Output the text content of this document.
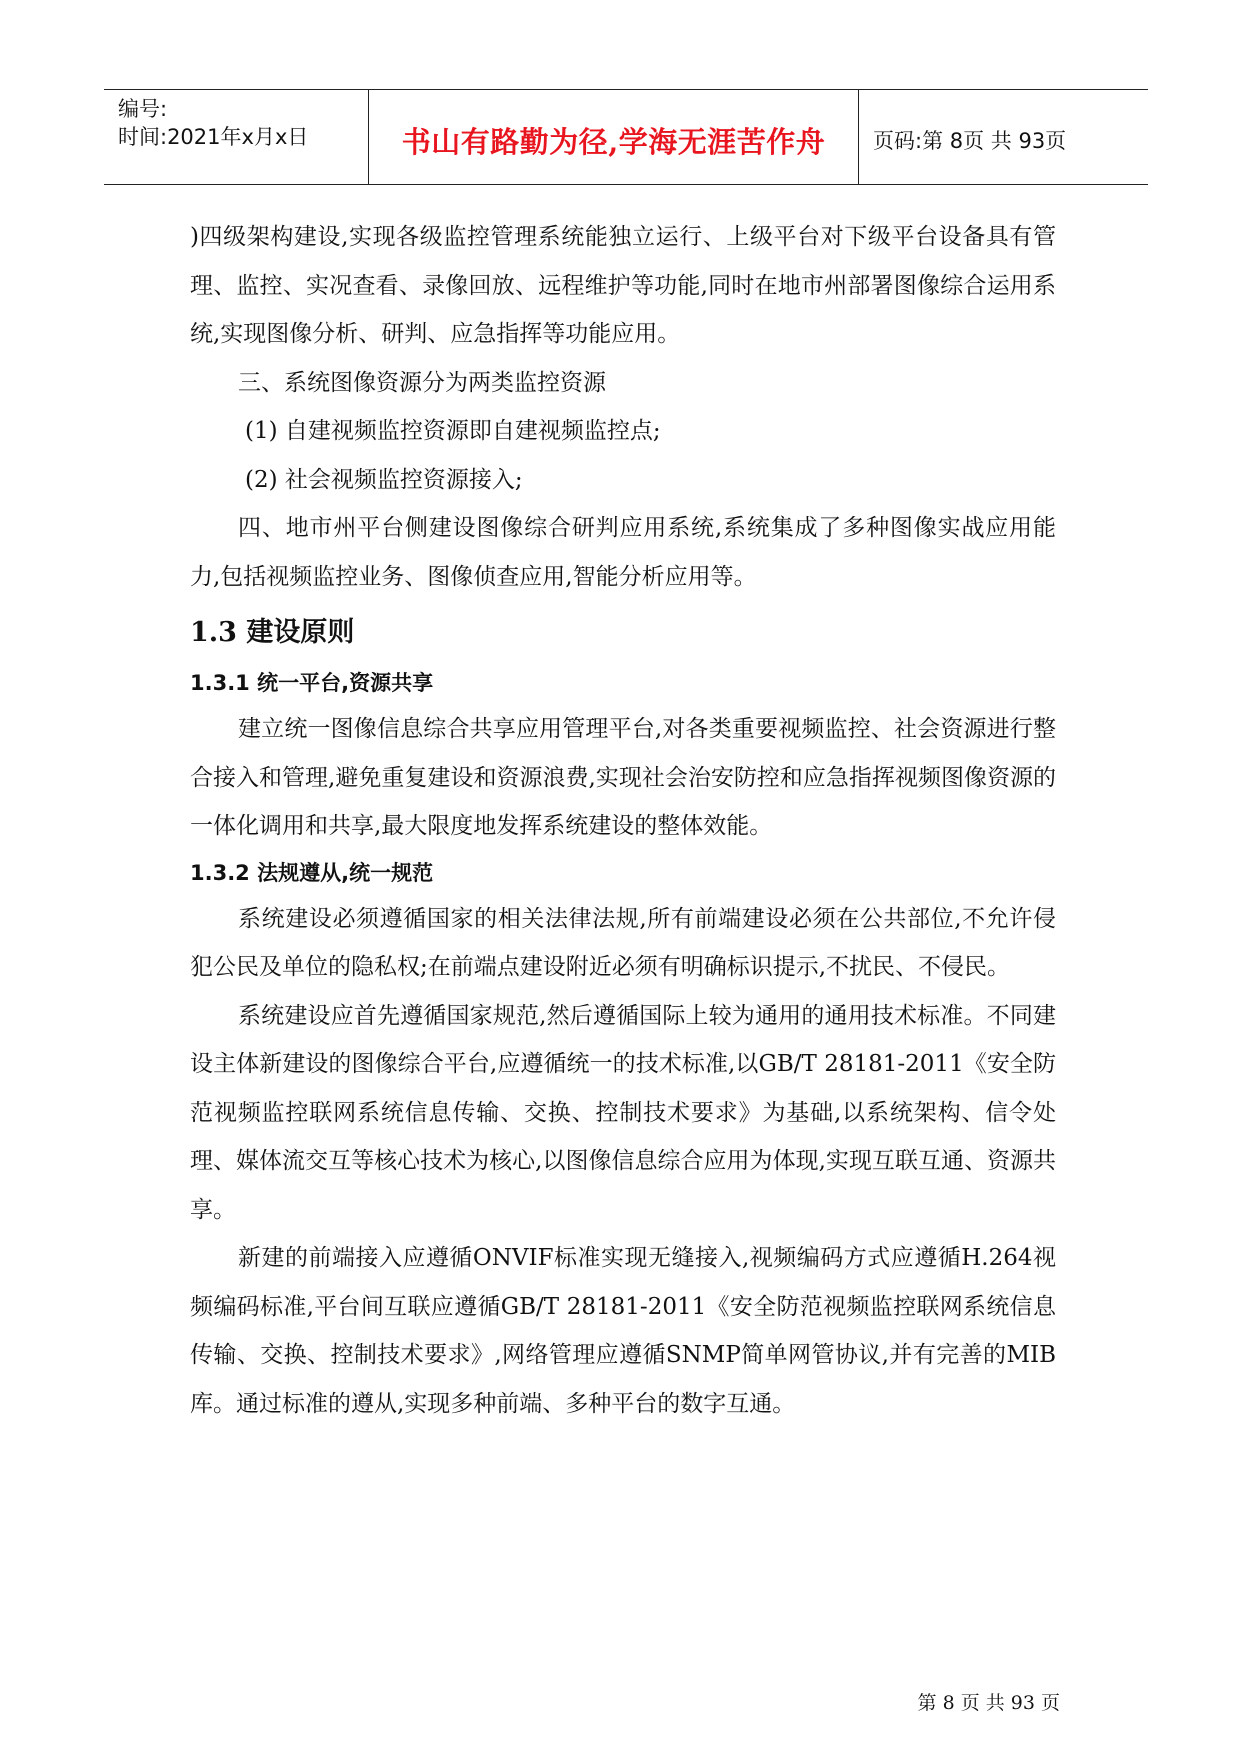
编号:
时间:2021年x月x日	书山有路勤为径,学海无涯苦作舟	页码:第 8页 共 93页

)四级架构建设,实现各级监控管理系统能独立运行、上级平台对下级平台设备具有管理、监控、实况查看、录像回放、远程维护等功能,同时在地市州部署图像综合运用系统,实现图像分析、研判、应急指挥等功能应用。

三、系统图像资源分为两类监控资源

(1) 自建视频监控资源即自建视频监控点;

(2) 社会视频监控资源接入;

四、地市州平台侧建设图像综合研判应用系统,系统集成了多种图像实战应用能力,包括视频监控业务、图像侦查应用,智能分析应用等。

1.3 建设原则
1.3.1 统一平台,资源共享

建立统一图像信息综合共享应用管理平台,对各类重要视频监控、社会资源进行整合接入和管理,避免重复建设和资源浪费,实现社会治安防控和应急指挥视频图像资源的一体化调用和共享,最大限度地发挥系统建设的整体效能。

1.3.2 法规遵从,统一规范

系统建设必须遵循国家的相关法律法规,所有前端建设必须在公共部位,不允许侵犯公民及单位的隐私权;在前端点建设附近必须有明确标识提示,不扰民、不侵民。

系统建设应首先遵循国家规范,然后遵循国际上较为通用的通用技术标准。不同建设主体新建设的图像综合平台,应遵循统一的技术标准,以GB/T 28181-2011《安全防范视频监控联网系统信息传输、交换、控制技术要求》为基础,以系统架构、信令处理、媒体流交互等核心技术为核心,以图像信息综合应用为体现,实现互联互通、资源共享。

新建的前端接入应遵循ONVIF标准实现无缝接入,视频编码方式应遵循H.264视频编码标准,平台间互联应遵循GB/T 28181-2011《安全防范视频监控联网系统信息传输、交换、控制技术要求》,网络管理应遵循SNMP简单网管协议,并有完善的MIB库。通过标准的遵从,实现多种前端、多种平台的数字互通。

第 8 页 共 93 页
